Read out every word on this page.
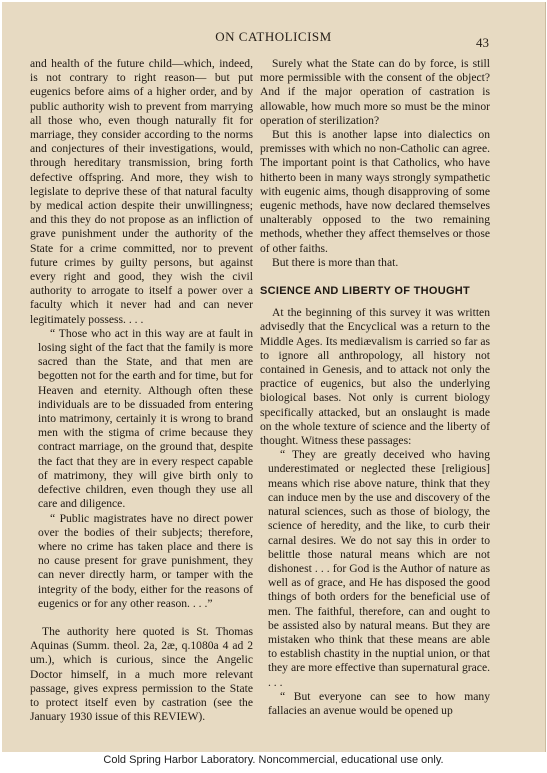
ON CATHOLICISM	43
and health of the future child—which, indeed, is not contrary to right reason— but put eugenics before aims of a higher order, and by public authority wish to prevent from marrying all those who, even though naturally fit for marriage, they consider according to the norms and conjectures of their investigations, would, through hereditary transmission, bring forth defective offspring. And more, they wish to legislate to deprive these of that natural faculty by medical action despite their unwillingness; and this they do not propose as an infliction of grave punishment under the authority of the State for a crime committed, nor to prevent future crimes by guilty persons, but against every right and good, they wish the civil authority to arrogate to itself a power over a faculty which it never had and can never legitimately possess. . . .
“ Those who act in this way are at fault in losing sight of the fact that the family is more sacred than the State, and that men are begotten not for the earth and for time, but for Heaven and eternity. Although often these individuals are to be dissuaded from entering into matrimony, certainly it is wrong to brand men with the stigma of crime because they contract marriage, on the ground that, despite the fact that they are in every respect capable of matrimony, they will give birth only to defective children, even though they use all care and diligence.
“ Public magistrates have no direct power over the bodies of their subjects; therefore, where no crime has taken place and there is no cause present for grave punishment, they can never directly harm, or tamper with the integrity of the body, either for the reasons of eugenics or for any other reason. . . .”
The authority here quoted is St. Thomas Aquinas (Summ. theol. 2a, 2æ, q.1080a 4 ad 2 um.), which is curious, since the Angelic Doctor himself, in a much more relevant passage, gives express permission to the State to protect itself even by castration (see the January 1930 issue of this REVIEW).
Surely what the State can do by force, is still more permissible with the consent of the object? And if the major operation of castration is allowable, how much more so must be the minor operation of sterilization?
But this is another lapse into dialectics on premisses with which no non-Catholic can agree. The important point is that Catholics, who have hitherto been in many ways strongly sympathetic with eugenic aims, though disapproving of some eugenic methods, have now declared themselves unalterably opposed to the two remaining methods, whether they affect themselves or those of other faiths.
But there is more than that.
SCIENCE AND LIBERTY OF THOUGHT
At the beginning of this survey it was written advisedly that the Encyclical was a return to the Middle Ages. Its mediævalism is carried so far as to ignore all anthropology, all history not contained in Genesis, and to attack not only the practice of eugenics, but also the underlying biological bases. Not only is current biology specifically attacked, but an onslaught is made on the whole texture of science and the liberty of thought. Witness these passages:
“ They are greatly deceived who having underestimated or neglected these [religious] means which rise above nature, think that they can induce men by the use and discovery of the natural sciences, such as those of biology, the science of heredity, and the like, to curb their carnal desires. We do not say this in order to belittle those natural means which are not dishonest . . . for God is the Author of nature as well as of grace, and He has disposed the good things of both orders for the beneficial use of men. The faithful, therefore, can and ought to be assisted also by natural means. But they are mistaken who think that these means are able to establish chastity in the nuptial union, or that they are more effective than supernatural grace. . . .
“ But everyone can see to how many fallacies an avenue would be opened up
Cold Spring Harbor Laboratory. Noncommercial, educational use only.
